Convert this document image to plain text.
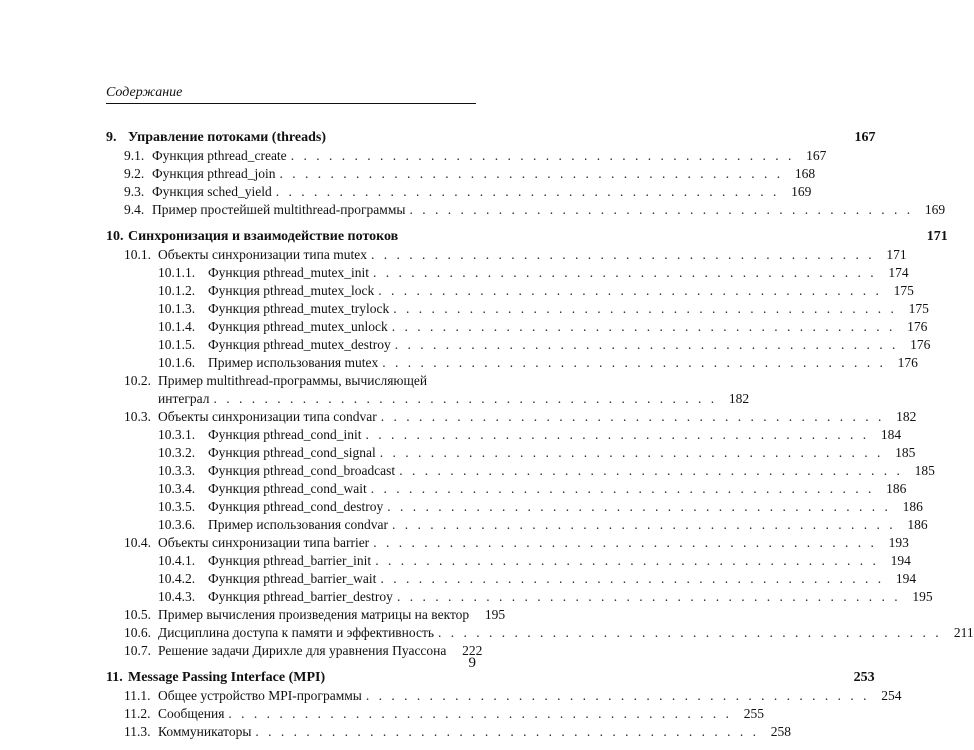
Содержание
9. Управление потоками (threads)	167
9.1. Функция pthread_create . . . . . . . . . . . . . . . . . . . . . . . . . . . . . . . . . . . . . . . . 167
9.2. Функция pthread_join . . . . . . . . . . . . . . . . . . . . . . . . . . . . . . . . . . . . . . . . 168
9.3. Функция sched_yield . . . . . . . . . . . . . . . . . . . . . . . . . . . . . . . . . . . . . . . . 169
9.4. Пример простейшей multithread-программы . . . . . . . . . . . . . . . . . . . . . . . . . . . . . . . . . . . . . . . . 169
10. Синхронизация и взаимодействие потоков	171
10.1. Объекты синхронизации типа mutex . . . . . . . . . . . . . . . . . . . . . . . . . . . . . . . . . . . . . . . . 171
10.1.1. Функция pthread_mutex_init . . . . . . . . . . . . . . . . . . . . . . . . . . . . . . . . . . . . . . . . 174
10.1.2. Функция pthread_mutex_lock . . . . . . . . . . . . . . . . . . . . . . . . . . . . . . . . . . . . . . . . 175
10.1.3. Функция pthread_mutex_trylock . . . . . . . . . . . . . . . . . . . . . . . . . . . . . . . . . . . . . . . . 175
10.1.4. Функция pthread_mutex_unlock . . . . . . . . . . . . . . . . . . . . . . . . . . . . . . . . . . . . . . . . 176
10.1.5. Функция pthread_mutex_destroy . . . . . . . . . . . . . . . . . . . . . . . . . . . . . . . . . . . . . . . . 176
10.1.6. Пример использования mutex . . . . . . . . . . . . . . . . . . . . . . . . . . . . . . . . . . . . . . . . 176
10.2. Пример multithread-программы, вычисляющей
интеграл . . . . . . . . . . . . . . . . . . . . . . . . . . . . . . . . . . . . . . . . 182
10.3. Объекты синхронизации типа condvar . . . . . . . . . . . . . . . . . . . . . . . . . . . . . . . . . . . . . . . . 182
10.3.1. Функция pthread_cond_init . . . . . . . . . . . . . . . . . . . . . . . . . . . . . . . . . . . . . . . . 184
10.3.2. Функция pthread_cond_signal . . . . . . . . . . . . . . . . . . . . . . . . . . . . . . . . . . . . . . . . 185
10.3.3. Функция pthread_cond_broadcast . . . . . . . . . . . . . . . . . . . . . . . . . . . . . . . . . . . . . . . . 185
10.3.4. Функция pthread_cond_wait . . . . . . . . . . . . . . . . . . . . . . . . . . . . . . . . . . . . . . . . 186
10.3.5. Функция pthread_cond_destroy . . . . . . . . . . . . . . . . . . . . . . . . . . . . . . . . . . . . . . . . 186
10.3.6. Пример использования condvar . . . . . . . . . . . . . . . . . . . . . . . . . . . . . . . . . . . . . . . . 186
10.4. Объекты синхронизации типа barrier . . . . . . . . . . . . . . . . . . . . . . . . . . . . . . . . . . . . . . . . 193
10.4.1. Функция pthread_barrier_init . . . . . . . . . . . . . . . . . . . . . . . . . . . . . . . . . . . . . . . . 194
10.4.2. Функция pthread_barrier_wait . . . . . . . . . . . . . . . . . . . . . . . . . . . . . . . . . . . . . . . . 194
10.4.3. Функция pthread_barrier_destroy . . . . . . . . . . . . . . . . . . . . . . . . . . . . . . . . . . . . . . . . 195
10.5. Пример вычисления произведения матрицы на вектор	195
10.6. Дисциплина доступа к памяти и эффективность . . . . . . . . . . . . . . . . . . . . . . . . . . . . . . . . . . . . . . . . 211
10.7. Решение задачи Дирихле для уравнения Пуассона	222
11. Message Passing Interface (MPI)	253
11.1. Общее устройство MPI-программы . . . . . . . . . . . . . . . . . . . . . . . . . . . . . . . . . . . . . . . . 254
11.2. Сообщения . . . . . . . . . . . . . . . . . . . . . . . . . . . . . . . . . . . . . . . . 255
11.3. Коммуникаторы . . . . . . . . . . . . . . . . . . . . . . . . . . . . . . . . . . . . . . . . 258
9
